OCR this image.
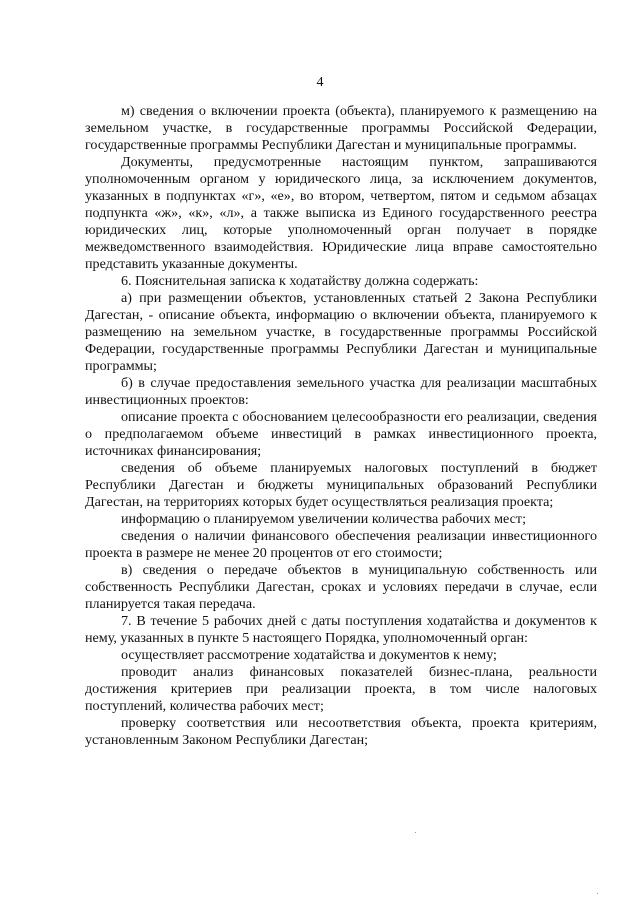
4

м) сведения о включении проекта (объекта), планируемого к размещению на земельном участке, в государственные программы Российской Федерации, государственные программы Республики Дагестан и муниципальные программы.

Документы, предусмотренные настоящим пунктом, запрашиваются уполномоченным органом у юридического лица, за исключением документов, указанных в подпунктах «г», «е», во втором, четвертом, пятом и седьмом абзацах подпункта «ж», «к», «л», а также выписка из Единого государственного реестра юридических лиц, которые уполномоченный орган получает в порядке межведомственного взаимодействия. Юридические лица вправе самостоятельно представить указанные документы.

6. Пояснительная записка к ходатайству должна содержать:

а) при размещении объектов, установленных статьей 2 Закона Республики Дагестан, - описание объекта, информацию о включении объекта, планируемого к размещению на земельном участке, в государственные программы Российской Федерации, государственные программы Республики Дагестан и муниципальные программы;

б) в случае предоставления земельного участка для реализации масштабных инвестиционных проектов:

описание проекта с обоснованием целесообразности его реализации, сведения о предполагаемом объеме инвестиций в рамках инвестиционного проекта, источниках финансирования;

сведения об объеме планируемых налоговых поступлений в бюджет Республики Дагестан и бюджеты муниципальных образований Республики Дагестан, на территориях которых будет осуществляться реализация проекта;

информацию о планируемом увеличении количества рабочих мест;

сведения о наличии финансового обеспечения реализации инвестиционного проекта в размере не менее 20 процентов от его стоимости;

в) сведения о передаче объектов в муниципальную собственность или собственность Республики Дагестан, сроках и условиях передачи в случае, если планируется такая передача.

7. В течение 5 рабочих дней с даты поступления ходатайства и документов к нему, указанных в пункте 5 настоящего Порядка, уполномоченный орган:

осуществляет рассмотрение ходатайства и документов к нему;

проводит анализ финансовых показателей бизнес-плана, реальности достижения критериев при реализации проекта, в том числе налоговых поступлений, количества рабочих мест;

проверку соответствия или несоответствия объекта, проекта критериям, установленным Законом Республики Дагестан;
